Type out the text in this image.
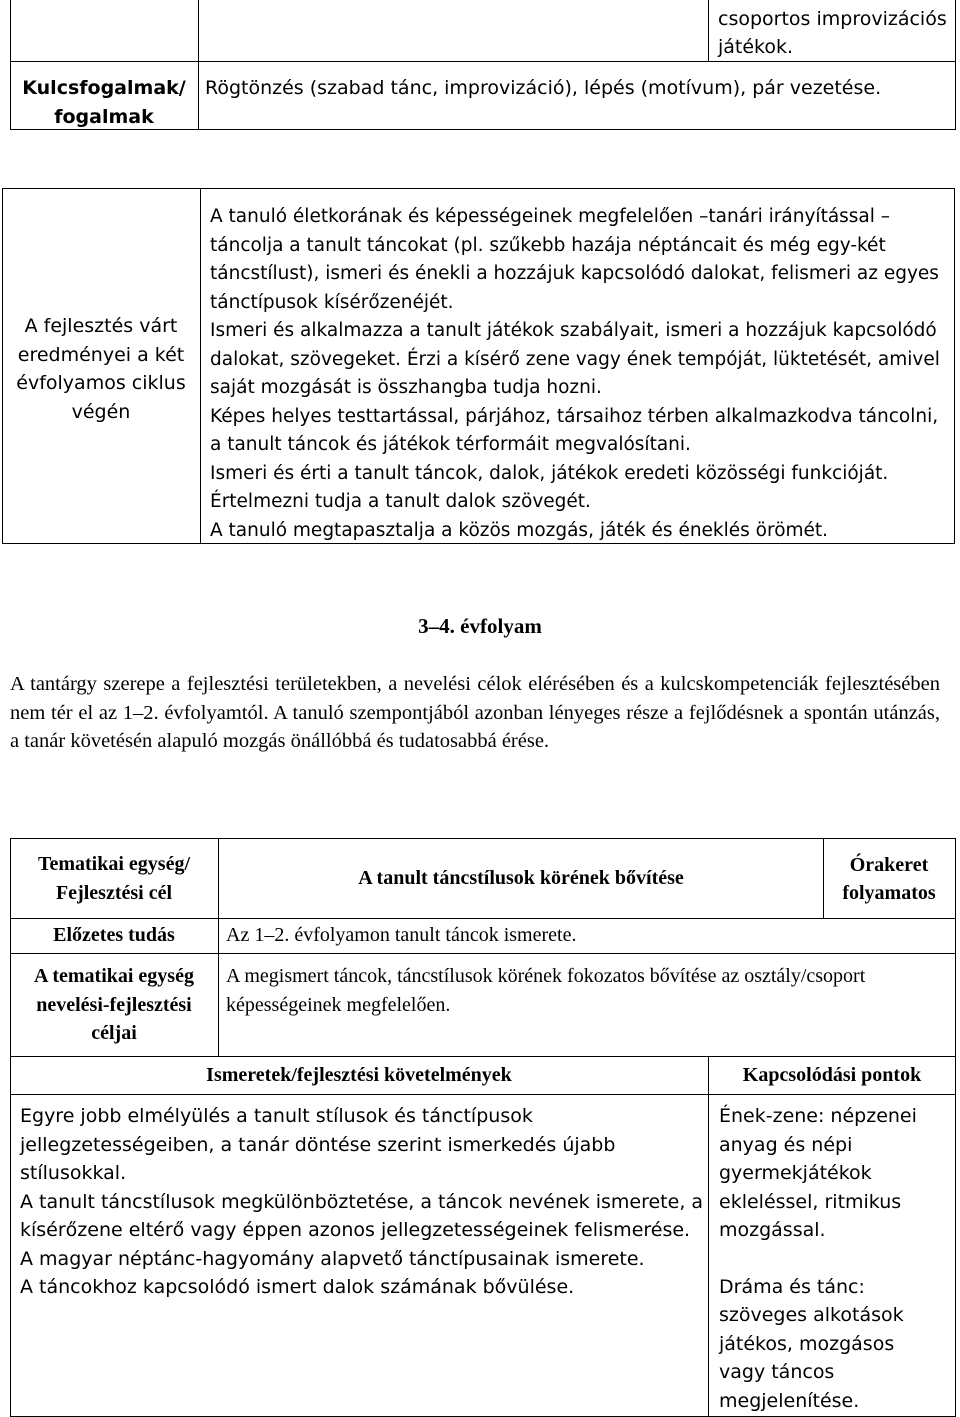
csoportos improvizációs játékok.
Kulcsfogalmak/ fogalmak
Rögtönzés (szabad tánc, improvizáció), lépés (motívum), pár vezetése.
A fejlesztés várt eredményei a két évfolyamos ciklus végén

A tanuló életkorának és képességeinek megfelelően –tanári irányítással – táncolja a tanult táncokat (pl. szűkebb hazája néptáncait és még egy-két táncstílust), ismeri és énekli a hozzájuk kapcsolódó dalokat, felismeri az egyes tánctípusok kísérőzenéjét.

Ismeri és alkalmazza a tanult játékok szabályait, ismeri a hozzájuk kapcsolódó dalokat, szövegeket. Érzi a kísérő zene vagy ének tempóját, lüktetését, amivel saját mozgását is összhangba tudja hozni.

Képes helyes testtartással, párjához, társaihoz térben alkalmazkodva táncolni, a tanult táncok és játékok térformáit megvalósítani.

Ismeri és érti a tanult táncok, dalok, játékok eredeti közösségi funkcióját.

Értelmezni tudja a tanult dalok szövegét.

A tanuló megtapasztalja a közös mozgás, játék és éneklés örömét.

3–4. évfolyam
A tantárgy szerepe a fejlesztési területekben, a nevelési célok elérésében és a kulcskompetenciák fejlesztésében nem tér el az 1–2. évfolyamtól. A tanuló szempontjából azonban lényeges része a fejlődésnek a spontán utánzás, a tanár követésén alapuló mozgás önállóbbá és tudatosabbá érése.
Tematikai egység/ Fejlesztési cél
A tanult táncstílusok körének bővítése
Órakeret
folyamatos
Előzetes tudás	Az 1–2. évfolyamon tanult táncok ismerete.
A tematikai egység nevelési-fejlesztési céljai
A megismert táncok, táncstílusok körének fokozatos bővítése az osztály/csoport képességeinek megfelelően.
Ismeretek/fejlesztési követelmények	Kapcsolódási pontok

Egyre jobb elmélyülés a tanult stílusok és tánctípusok jellegzetességeiben, a tanár döntése szerint ismerkedés újabb stílusokkal.

A tanult táncstílusok megkülönböztetése, a táncok nevének ismerete, a kísérőzene eltérő vagy éppen azonos jellegzetességeinek felismerése.

A magyar néptánc-hagyomány alapvető tánctípusainak ismerete.

A táncokhoz kapcsolódó ismert dalok számának bővülése.

Ének-zene: népzenei anyag és népi gyermekjátékok ekleléssel, ritmikus mozgással.

Dráma és tánc: szöveges alkotások játékos, mozgásos vagy táncos megjelenítése.
